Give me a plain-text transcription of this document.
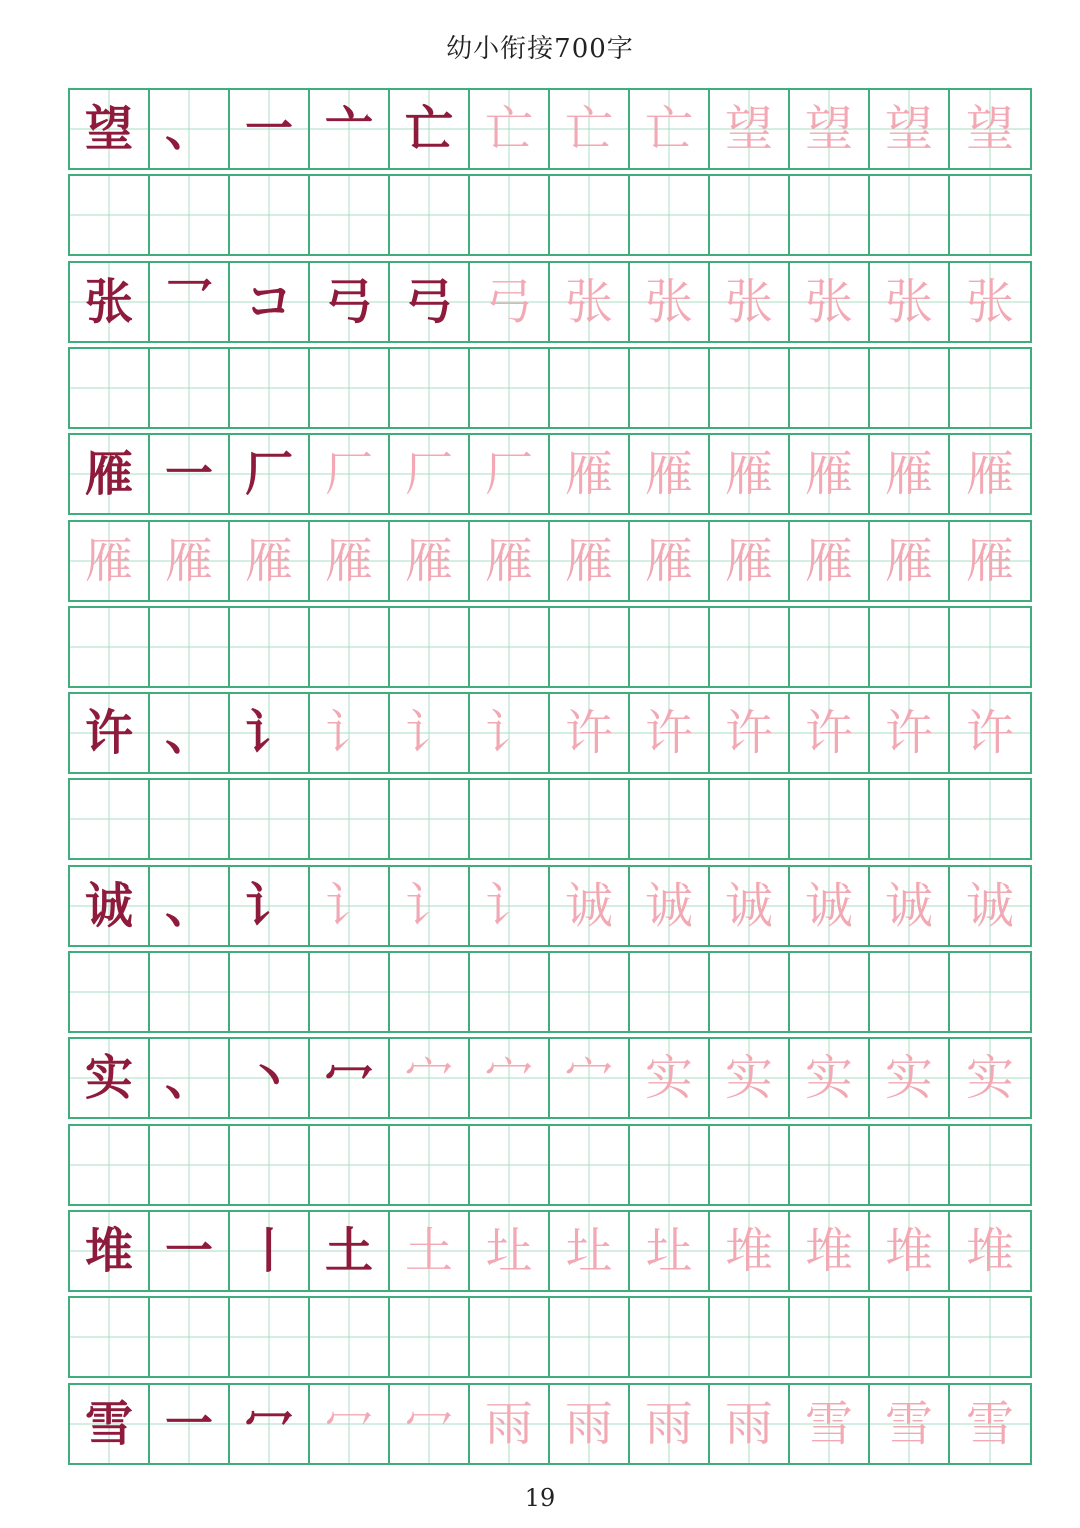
幼小衔接700字
望 、 一 亠 亡 亡 亡 亡 望 望 望 望
张 乛 コ 弓 弓 弓 张 张 张 张 张 张
雁 一 厂 厂 厂 厂 雁 雁 雁 雁 雁 雁
雁 雁 雁 雁 雁 雁 雁 雁 雁 雁 雁 雁
许 、 讠 讠 讠 讠 许 许 许 许 许 许
诚 、 讠 讠 讠 讠 诚 诚 诚 诚 诚 诚
实 、 丶 冖 宀 宀 宀 实 实 实 实 实
堆 一 丨 土 土 圵 圵 圵 堆 堆 堆 堆
雪 一 冖 冖 冖 雨 雨 雨 雨 雪 雪 雪
19
